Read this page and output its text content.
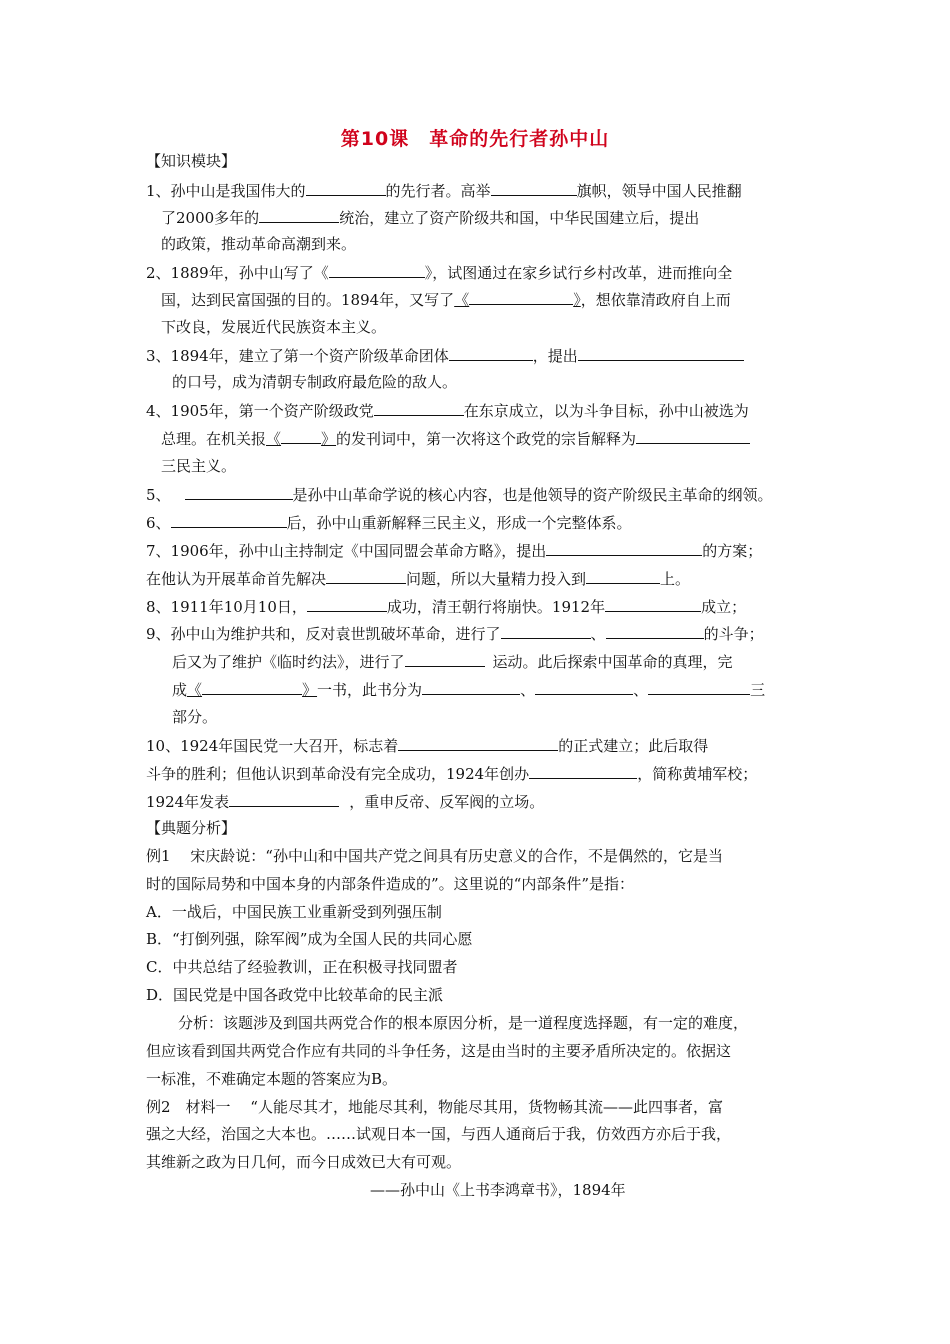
第10课　革命的先行者孙中山
【知识模块】
1、孙中山是我国伟大的	的先行者。高举	旗帜，领导中国人民推翻
了2000多年的	统治，建立了资产阶级共和国，中华民国建立后，提出
的政策，推动革命高潮到来。
2、1889年，孙中山写了《	》，试图通过在家乡试行乡村改革，进而推向全
国，达到民富国强的目的。1894年，又写了《	》，想依靠清政府自上而
下改良，发展近代民族资本主义。
3、1894年，建立了第一个资产阶级革命团体	，提出
的口号，成为清朝专制政府最危险的敌人。
4、1905年，第一个资产阶级政党	在东京成立，以为斗争目标，孙中山被选为
总理。在机关报《	》的发刊词中，第一次将这个政党的宗旨解释为
三民主义。
5、	是孙中山革命学说的核心内容，也是他领导的资产阶级民主革命的纲领。
6、	后，孙中山重新解释三民主义，形成一个完整体系。
7、1906年，孙中山主持制定《中国同盟会革命方略》，提出	的方案；
在他认为开展革命首先解决	问题，所以大量精力投入到	上。
8、1911年10月10日，	成功，清王朝行将崩快。1912年	成立；
9、孙中山为维护共和，反对袁世凯破坏革命，进行了	、	的斗争；
后又为了维护《临时约法》，进行了	运动。此后探索中国革命的真理，完
成《	》一书，此书分为	、	、	三
部分。
10、1924年国民党一大召开，标志着	的正式建立；此后取得
斗争的胜利；但他认识到革命没有完全成功，1924年创办	，简称黄埔军校；
1924年发表	，重申反帝、反军阀的立场。
【典题分析】
例1　 宋庆龄说：“孙中山和中国共产党之间具有历史意义的合作，不是偶然的，它是当
时的国际局势和中国本身的内部条件造成的”。这里说的“内部条件”是指：
A．一战后，中国民族工业重新受到列强压制
B．“打倒列强，除军阀”成为全国人民的共同心愿
C．中共总结了经验教训，正在积极寻找同盟者
D．国民党是中国各政党中比较革命的民主派
分析：该题涉及到国共两党合作的根本原因分析，是一道程度选择题，有一定的难度，
但应该看到国共两党合作应有共同的斗争任务，这是由当时的主要矛盾所决定的。依据这
一标准，不难确定本题的答案应为B。
例2　材料一　 “人能尽其才，地能尽其利，物能尽其用，货物畅其流——此四事者，富
强之大经，治国之大本也。……试观日本一国，与西人通商后于我，仿效西方亦后于我，
其维新之政为日几何，而今日成效已大有可观。
——孙中山《上书李鸿章书》，1894年
